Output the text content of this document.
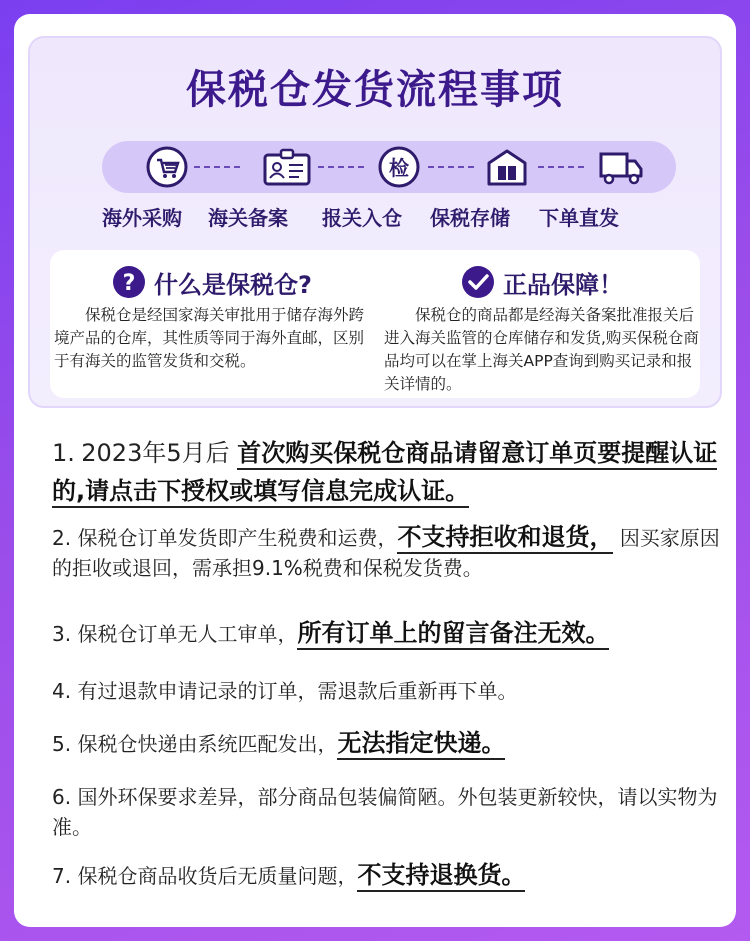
保税仓发货流程事项
检
海外采购 海关备案 报关入仓 保税存储 下单直发
? 什么是保税仓?
保税仓是经国家海关审批用于储存海外跨境产品的仓库，其性质等同于海外直邮，区别于有海关的监管发货和交税。
正品保障！
保税仓的商品都是经海关备案批准报关后进入海关监管的仓库储存和发货,购买保税仓商品均可以在掌上海关APP查询到购买记录和报关详情的。
1. 2023年5月后 首次购买保税仓商品请留意订单页要提醒认证的,请点击下授权或填写信息完成认证。
2. 保税仓订单发货即产生税费和运费，不支持拒收和退货， 因买家原因的拒收或退回，需承担9.1%税费和保税发货费。
3. 保税仓订单无人工审单，所有订单上的留言备注无效。
4. 有过退款申请记录的订单，需退款后重新再下单。
5. 保税仓快递由系统匹配发出，无法指定快递。
6. 国外环保要求差异，部分商品包装偏简陋。外包装更新较快，请以实物为准。
7. 保税仓商品收货后无质量问题，不支持退换货。
